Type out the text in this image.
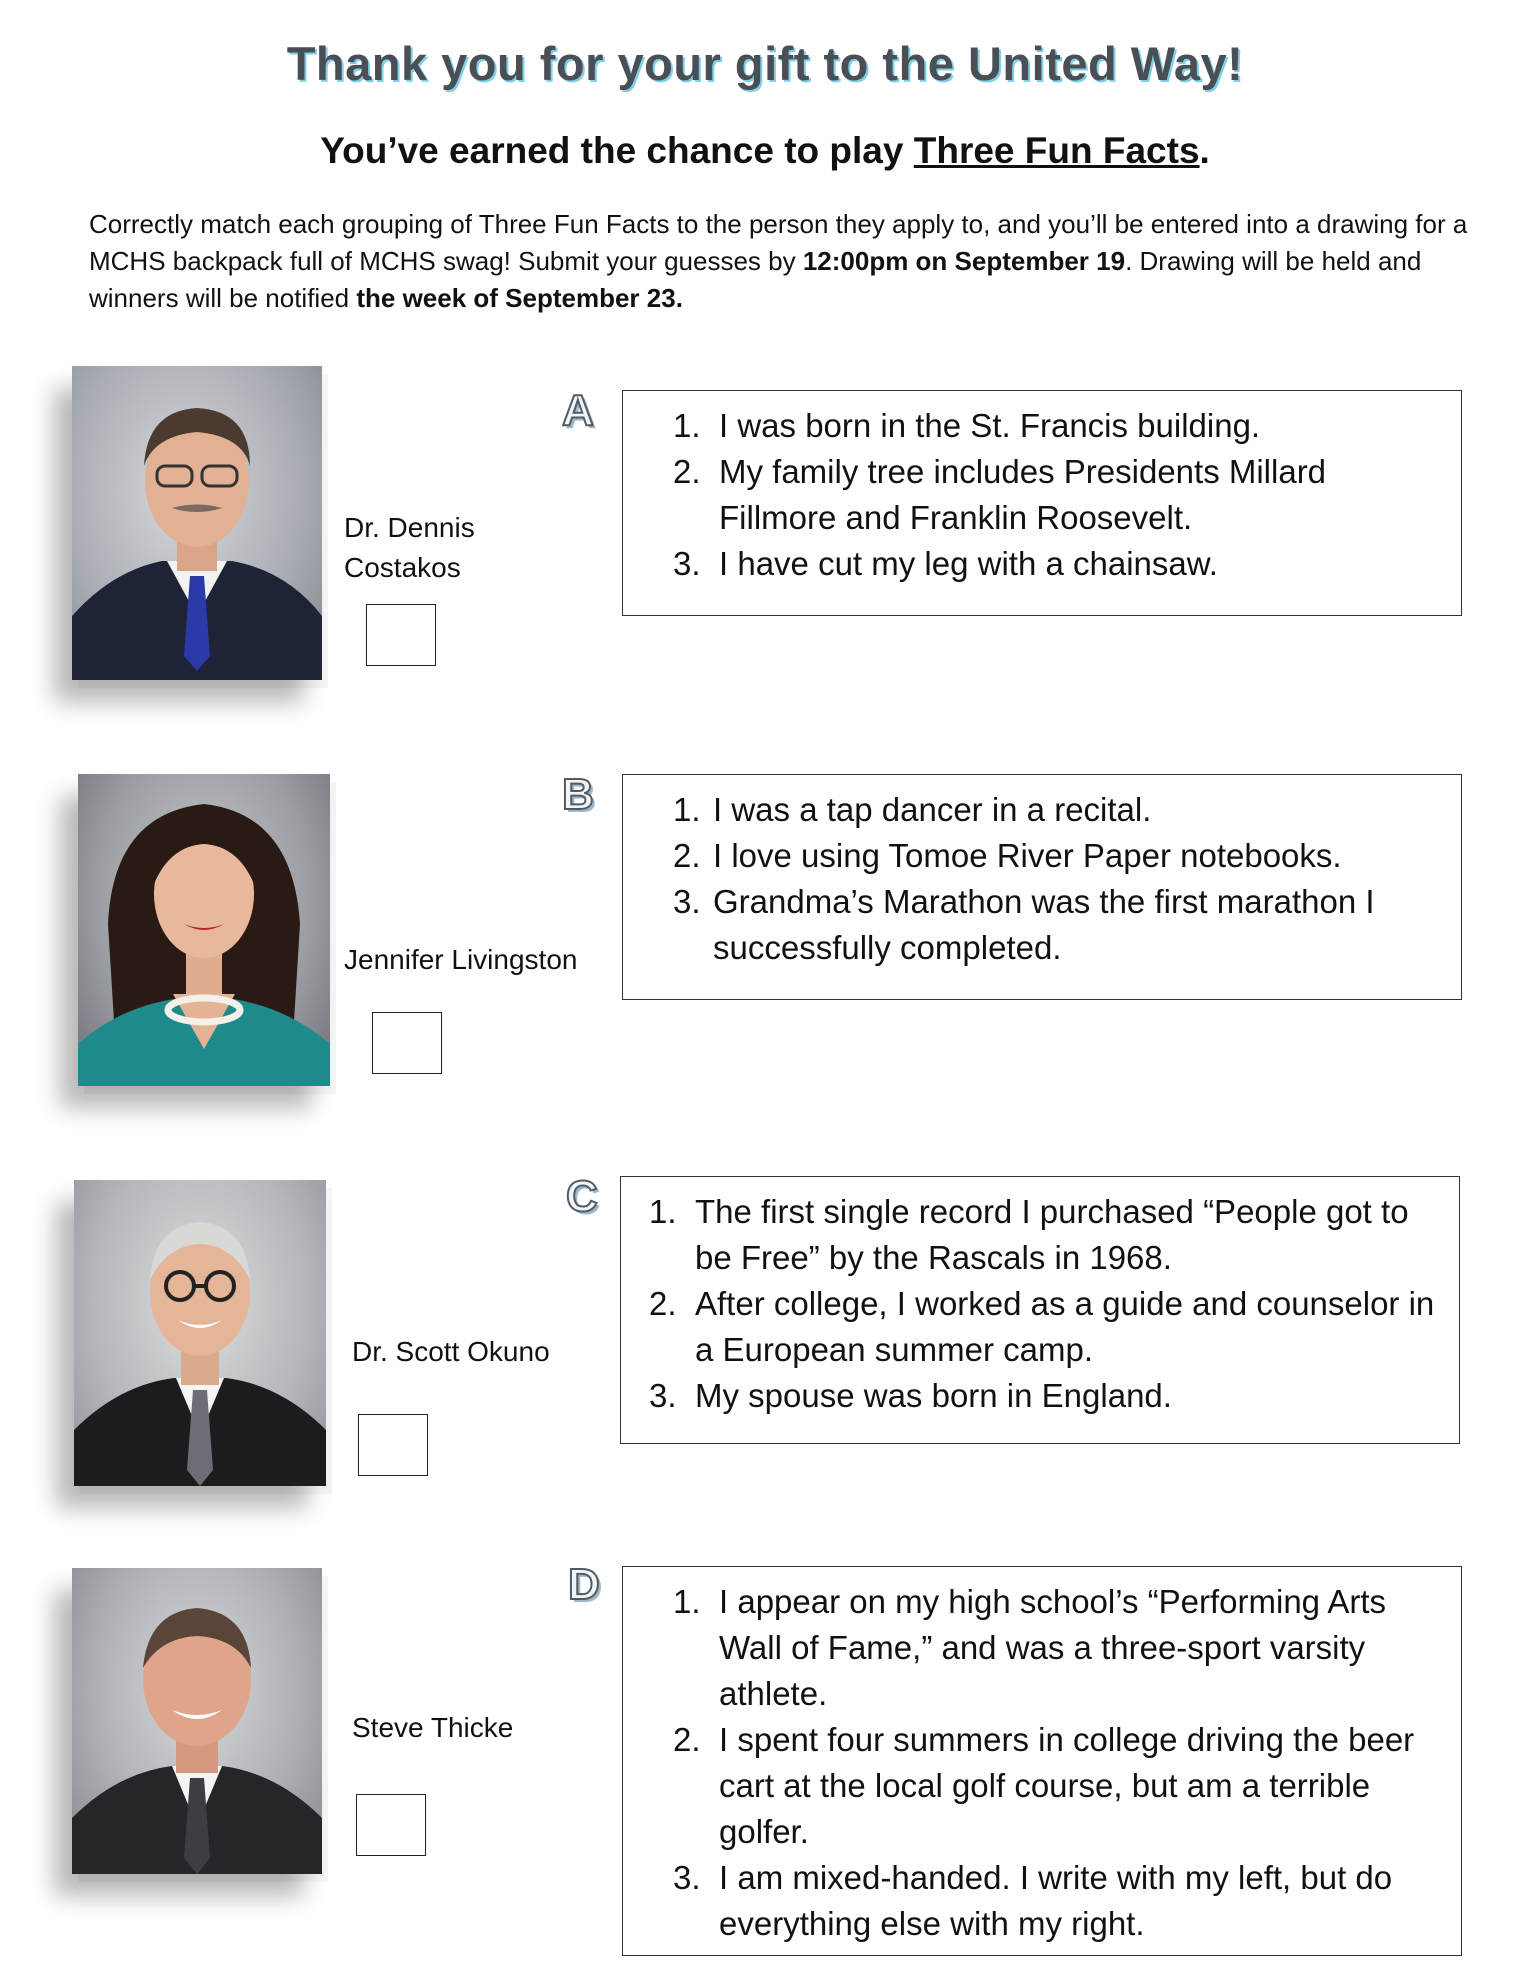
Thank you for your gift to the United Way!
You’ve earned the chance to play Three Fun Facts.

Correctly match each grouping of Three Fun Facts to the person they apply to, and you’ll be entered into a drawing for a MCHS backpack full of MCHS swag! Submit your guesses by 12:00pm on September 19. Drawing will be held and winners will be notified the week of September 23.

Dr. Dennis
Costakos
Jennifer Livingston
Dr. Scott Okuno
Steve Thicke
A 1. I was born in the St. Francis building.
2. My family tree includes Presidents Millard Fillmore and Franklin Roosevelt.
3. I have cut my leg with a chainsaw.
B 1. I was a tap dancer in a recital.
2. I love using Tomoe River Paper notebooks.
3. Grandma’s Marathon was the first marathon I successfully completed.
C 1. The first single record I purchased “People got to be Free” by the Rascals in 1968.
2. After college, I worked as a guide and counselor in a European summer camp.
3. My spouse was born in England.
D 1. I appear on my high school’s “Performing Arts Wall of Fame,” and was a three-sport varsity athlete.
2. I spent four summers in college driving the beer cart at the local golf course, but am a terrible golfer.
3. I am mixed-handed. I write with my left, but do everything else with my right.
